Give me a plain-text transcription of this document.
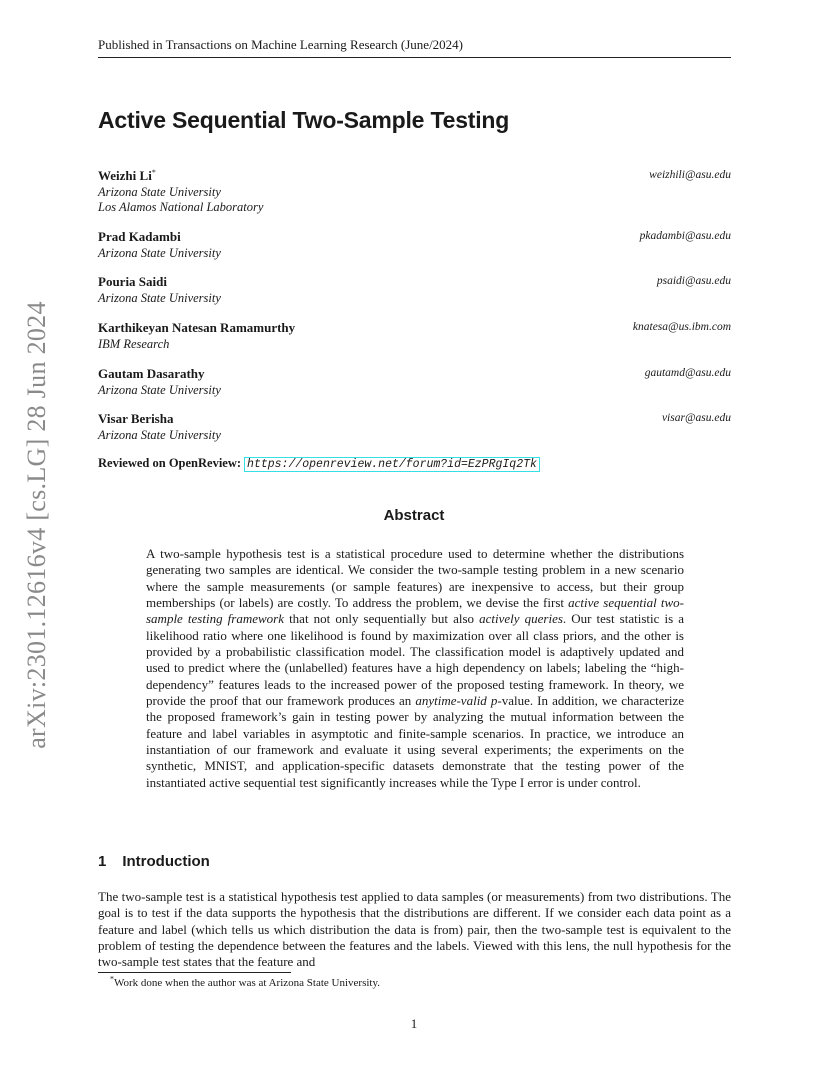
Published in Transactions on Machine Learning Research (June/2024)
arXiv:2301.12616v4 [cs.LG] 28 Jun 2024
Active Sequential Two-Sample Testing
Weizhi Li*	weizhili@asu.edu
Arizona State University
Los Alamos National Laboratory
Prad Kadambi	pkadambi@asu.edu
Arizona State University
Pouria Saidi	psaidi@asu.edu
Arizona State University
Karthikeyan Natesan Ramamurthy	knatesa@us.ibm.com
IBM Research
Gautam Dasarathy	gautamd@asu.edu
Arizona State University
Visar Berisha	visar@asu.edu
Arizona State University
Reviewed on OpenReview: https://openreview.net/forum?id=EzPRgIq2Tk
Abstract
A two-sample hypothesis test is a statistical procedure used to determine whether the distributions generating two samples are identical. We consider the two-sample testing problem in a new scenario where the sample measurements (or sample features) are inexpensive to access, but their group memberships (or labels) are costly. To address the problem, we devise the first active sequential two-sample testing framework that not only sequentially but also actively queries. Our test statistic is a likelihood ratio where one likelihood is found by maximization over all class priors, and the other is provided by a probabilistic classification model. The classification model is adaptively updated and used to predict where the (unlabelled) features have a high dependency on labels; labeling the “high-dependency” features leads to the increased power of the proposed testing framework. In theory, we provide the proof that our framework produces an anytime-valid p-value. In addition, we characterize the proposed framework’s gain in testing power by analyzing the mutual information between the feature and label variables in asymptotic and finite-sample scenarios. In practice, we introduce an instantiation of our framework and evaluate it using several experiments; the experiments on the synthetic, MNIST, and application-specific datasets demonstrate that the testing power of the instantiated active sequential test significantly increases while the Type I error is under control.
1 Introduction
The two-sample test is a statistical hypothesis test applied to data samples (or measurements) from two distributions. The goal is to test if the data supports the hypothesis that the distributions are different. If we consider each data point as a feature and label (which tells us which distribution the data is from) pair, then the two-sample test is equivalent to the problem of testing the dependence between the features and the labels. Viewed with this lens, the null hypothesis for the two-sample test states that the feature and
*Work done when the author was at Arizona State University.
1
